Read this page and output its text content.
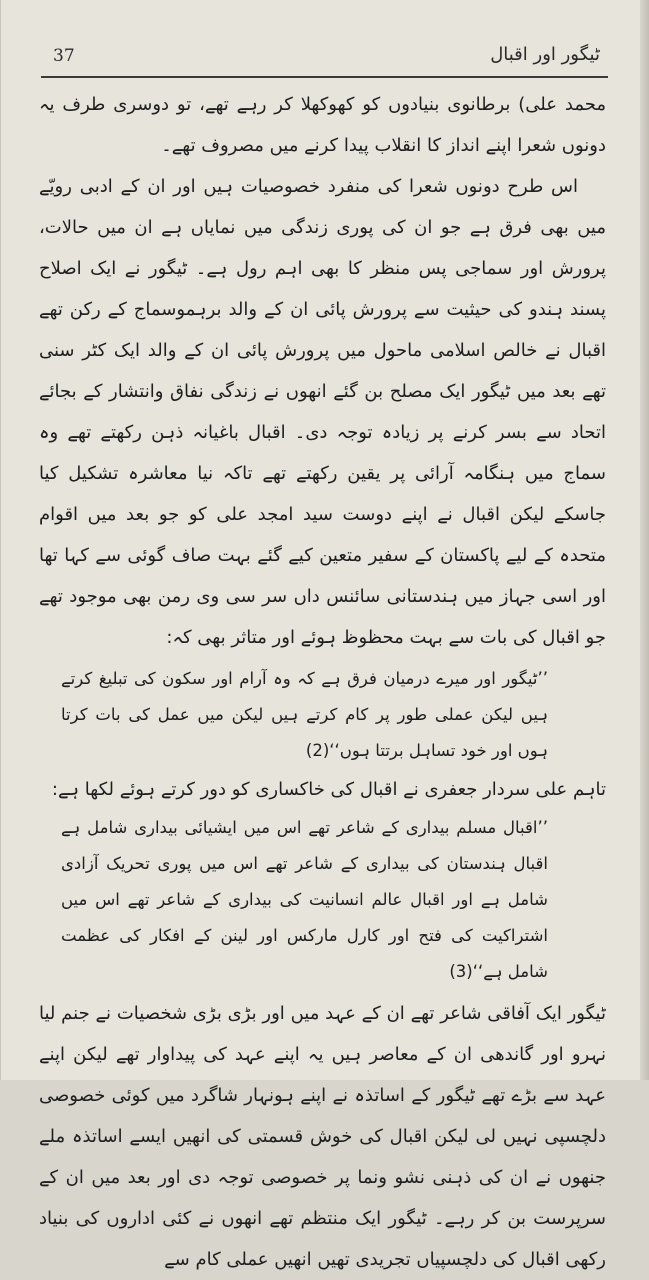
37	ٹیگور اور اقبال

محمد علی) برطانوی بنیادوں کو کھوکھلا کر رہے تھے، تو دوسری طرف یہ دونوں شعرا اپنے انداز کا انقلاب پیدا کرنے میں مصروف تھے۔

اس طرح دونوں شعرا کی منفرد خصوصیات ہیں اور ان کے ادبی رویّے میں بھی فرق ہے جو ان کی پوری زندگی میں نمایاں ہے ان میں حالات، پرورش اور سماجی پس منظر کا بھی اہم رول ہے۔ ٹیگور نے ایک اصلاح پسند ہندو کی حیثیت سے پرورش پائی ان کے والد برہموسماج کے رکن تھے اقبال نے خالص اسلامی ماحول میں پرورش پائی ان کے والد ایک کٹر سنی تھے بعد میں ٹیگور ایک مصلح بن گئے انھوں نے زندگی نفاق وانتشار کے بجائے اتحاد سے بسر کرنے پر زیادہ توجہ دی۔ اقبال باغیانہ ذہن رکھتے تھے وہ سماج میں ہنگامہ آرائی پر یقین رکھتے تھے تاکہ نیا معاشرہ تشکیل کیا جاسکے لیکن اقبال نے اپنے دوست سید امجد علی کو جو بعد میں اقوام متحدہ کے لیے پاکستان کے سفیر متعین کیے گئے بہت صاف گوئی سے کہا تھا اور اسی جہاز میں ہندستانی سائنس داں سر سی وی رمن بھی موجود تھے جو اقبال کی بات سے بہت محظوظ ہوئے اور متاثر بھی کہ:

’’ٹیگور اور میرے درمیان فرق ہے کہ وہ آرام اور سکون کی تبلیغ کرتے ہیں لیکن عملی طور پر کام کرتے ہیں لیکن میں عمل کی بات کرتا ہوں اور خود تساہل برتتا ہوں‘‘(2)

تاہم علی سردار جعفری نے اقبال کی خاکساری کو دور کرتے ہوئے لکھا ہے:

’’اقبال مسلم بیداری کے شاعر تھے اس میں ایشیائی بیداری شامل ہے اقبال ہندستان کی بیداری کے شاعر تھے اس میں پوری تحریک آزادی شامل ہے اور اقبال عالم انسانیت کی بیداری کے شاعر تھے اس میں اشتراکیت کی فتح اور کارل مارکس اور لینن کے افکار کی عظمت شامل ہے‘‘(3)

ٹیگور ایک آفاقی شاعر تھے ان کے عہد میں اور بڑی بڑی شخصیات نے جنم لیا نہرو اور گاندھی ان کے معاصر ہیں یہ اپنے عہد کی پیداوار تھے لیکن اپنے عہد سے بڑے تھے ٹیگور کے اساتذہ نے اپنے ہونہار شاگرد میں کوئی خصوصی دلچسپی نہیں لی لیکن اقبال کی خوش قسمتی کی انھیں ایسے اساتذہ ملے جنھوں نے ان کی ذہنی نشو ونما پر خصوصی توجہ دی اور بعد میں ان کے سرپرست بن کر رہے۔ ٹیگور ایک منتظم تھے انھوں نے کئی اداروں کی بنیاد رکھی اقبال کی دلچسپیاں تجریدی تھیں انھیں عملی کام سے
